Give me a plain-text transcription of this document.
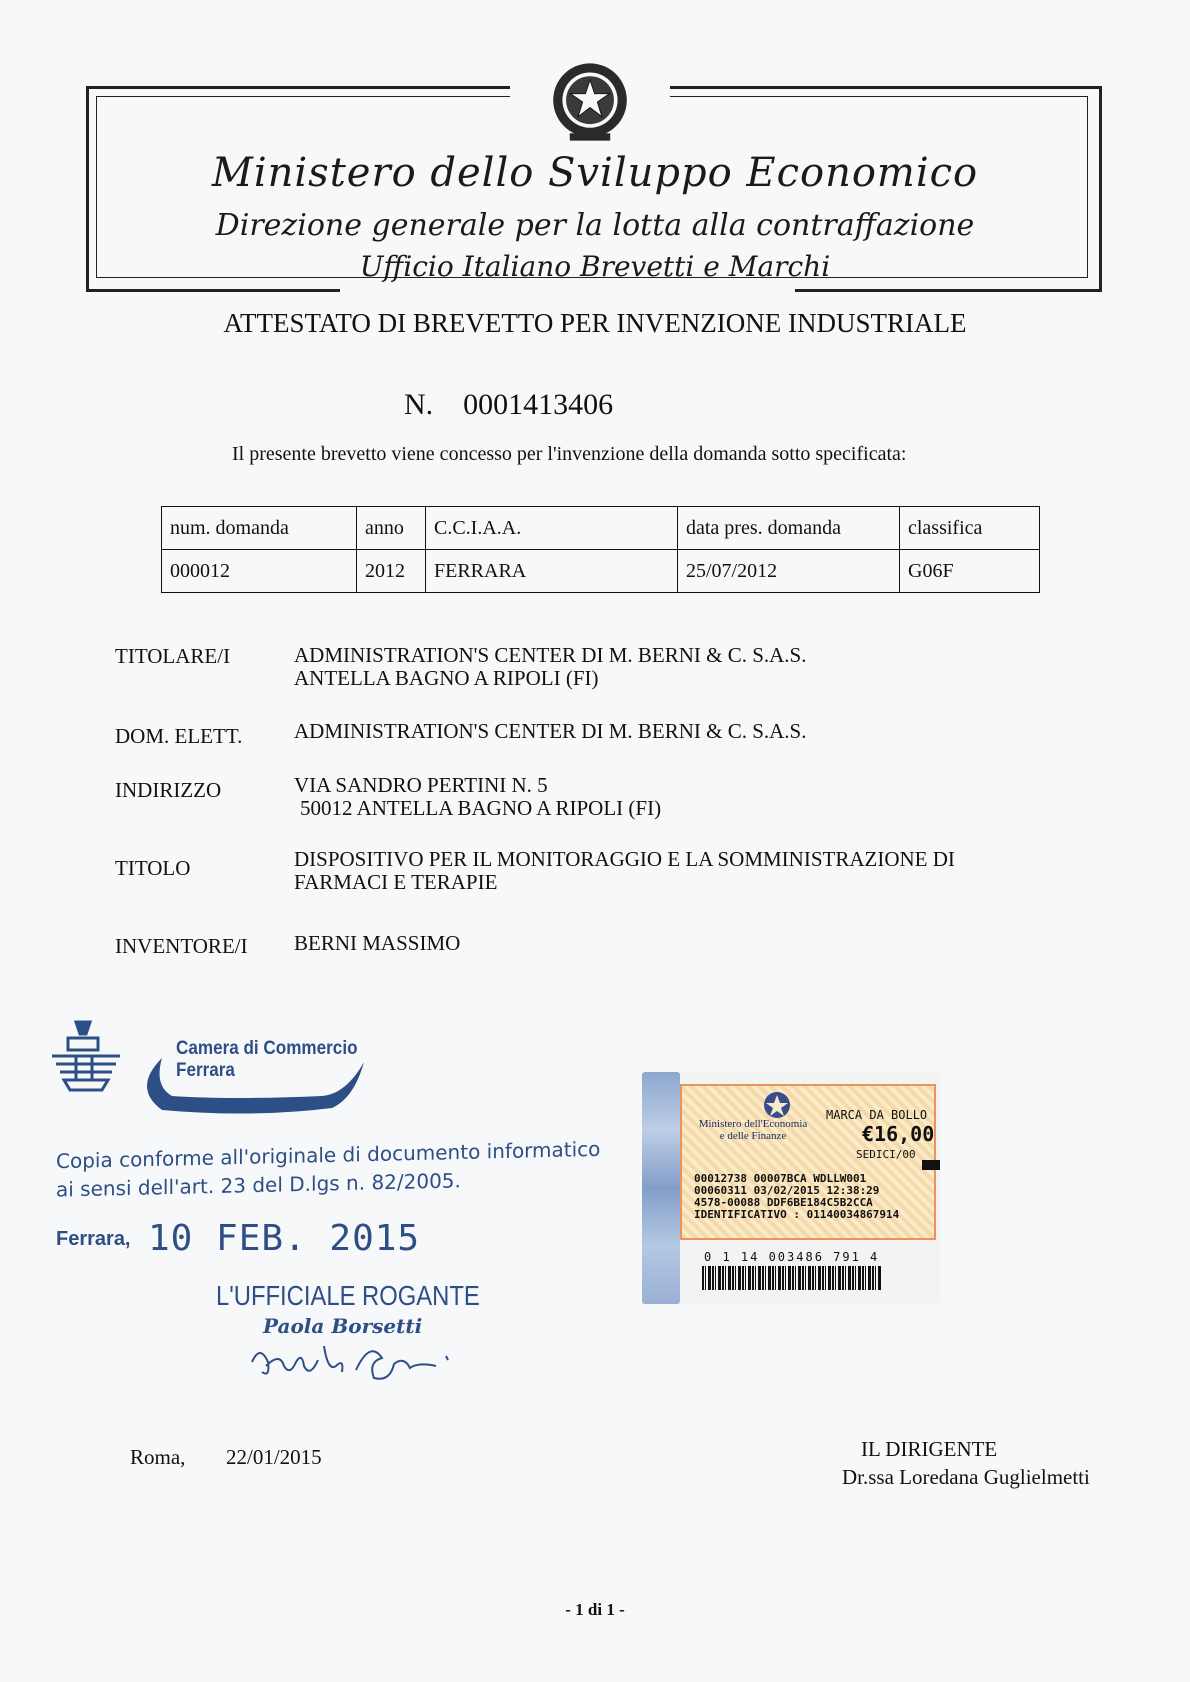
Ministero dello Sviluppo Economico
Direzione generale per la lotta alla contraffazione
Ufficio Italiano Brevetti e Marchi
ATTESTATO DI BREVETTO PER INVENZIONE INDUSTRIALE
N. 0001413406
Il presente brevetto viene concesso per l'invenzione della domanda sotto specificata:
num. domanda	anno	C.C.I.A.A.	data pres. domanda	classifica
000012	2012	FERRARA	25/07/2012	G06F
TITOLARE/I	ADMINISTRATION'S CENTER DI M. BERNI & C. S.A.S.
ANTELLA BAGNO A RIPOLI (FI)
DOM. ELETT. ADMINISTRATION'S CENTER DI M. BERNI & C. S.A.S.
INDIRIZZO	VIA SANDRO PERTINI N. 5
50012 ANTELLA BAGNO A RIPOLI (FI)
TITOLO	DISPOSITIVO PER IL MONITORAGGIO E LA SOMMINISTRAZIONE DI
FARMACI E TERAPIE
INVENTORE/I BERNI MASSIMO
Camera di Commercio
Ferrara
Copia conforme all'originale di documento informatico
ai sensi dell'art. 23 del D.lgs n. 82/2005.
Ferrara, 10 FEB. 2015
L'UFFICIALE ROGANTE
Paola Borsetti
Ministero dell'Economia
e delle Finanze
MARCA DA BOLLO
€16,00
SEDICI/00
00012738 00007BCA WDLLW001
00060311 03/02/2015 12:38:29
4578-00088 DDF6BE184C5B2CCA
IDENTIFICATIVO : 01140034867914
0 1 14 003486 791 4
Roma, 22/01/2015	IL DIRIGENTE
Dr.ssa Loredana Guglielmetti
- 1 di 1 -
